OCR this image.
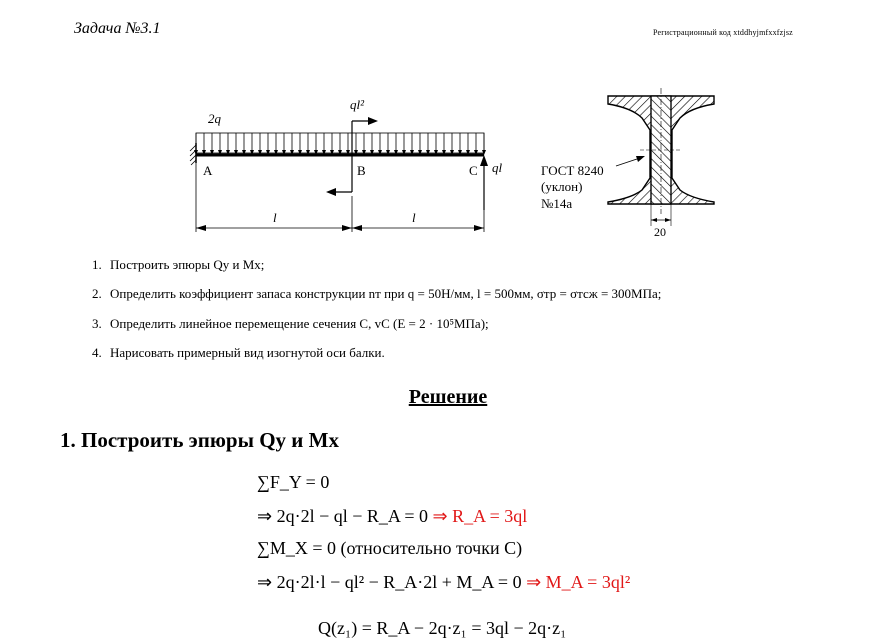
Задача №3.1	Регистрационный код xtddhyjmfxxfzjsz
2q
ql²
ql
A	B	C
l	l
ГОСТ 8240
(уклон)
№14а
20
1. Построить эпюры Qy и Mx;
2. Определить коэффициент запаса конструкции nт при q = 50Н/мм, l = 500мм, σтр = σтсж = 300МПа;
3. Определить линейное перемещение сечения C, vC (E = 2 · 10⁵МПа);
4. Нарисовать примерный вид изогнутой оси балки.
Решение
1. Построить эпюры Qy и Mx
∑F_Y = 0
⇒ 2q·2l − ql − R_A = 0 ⇒ R_A = 3ql
∑M_X = 0 (относительно точки C)
⇒ 2q·2l·l − ql² − R_A·2l + M_A = 0 ⇒ M_A = 3ql²
Q(z₁) = R_A − 2q·z₁ = 3ql − 2q·z₁
